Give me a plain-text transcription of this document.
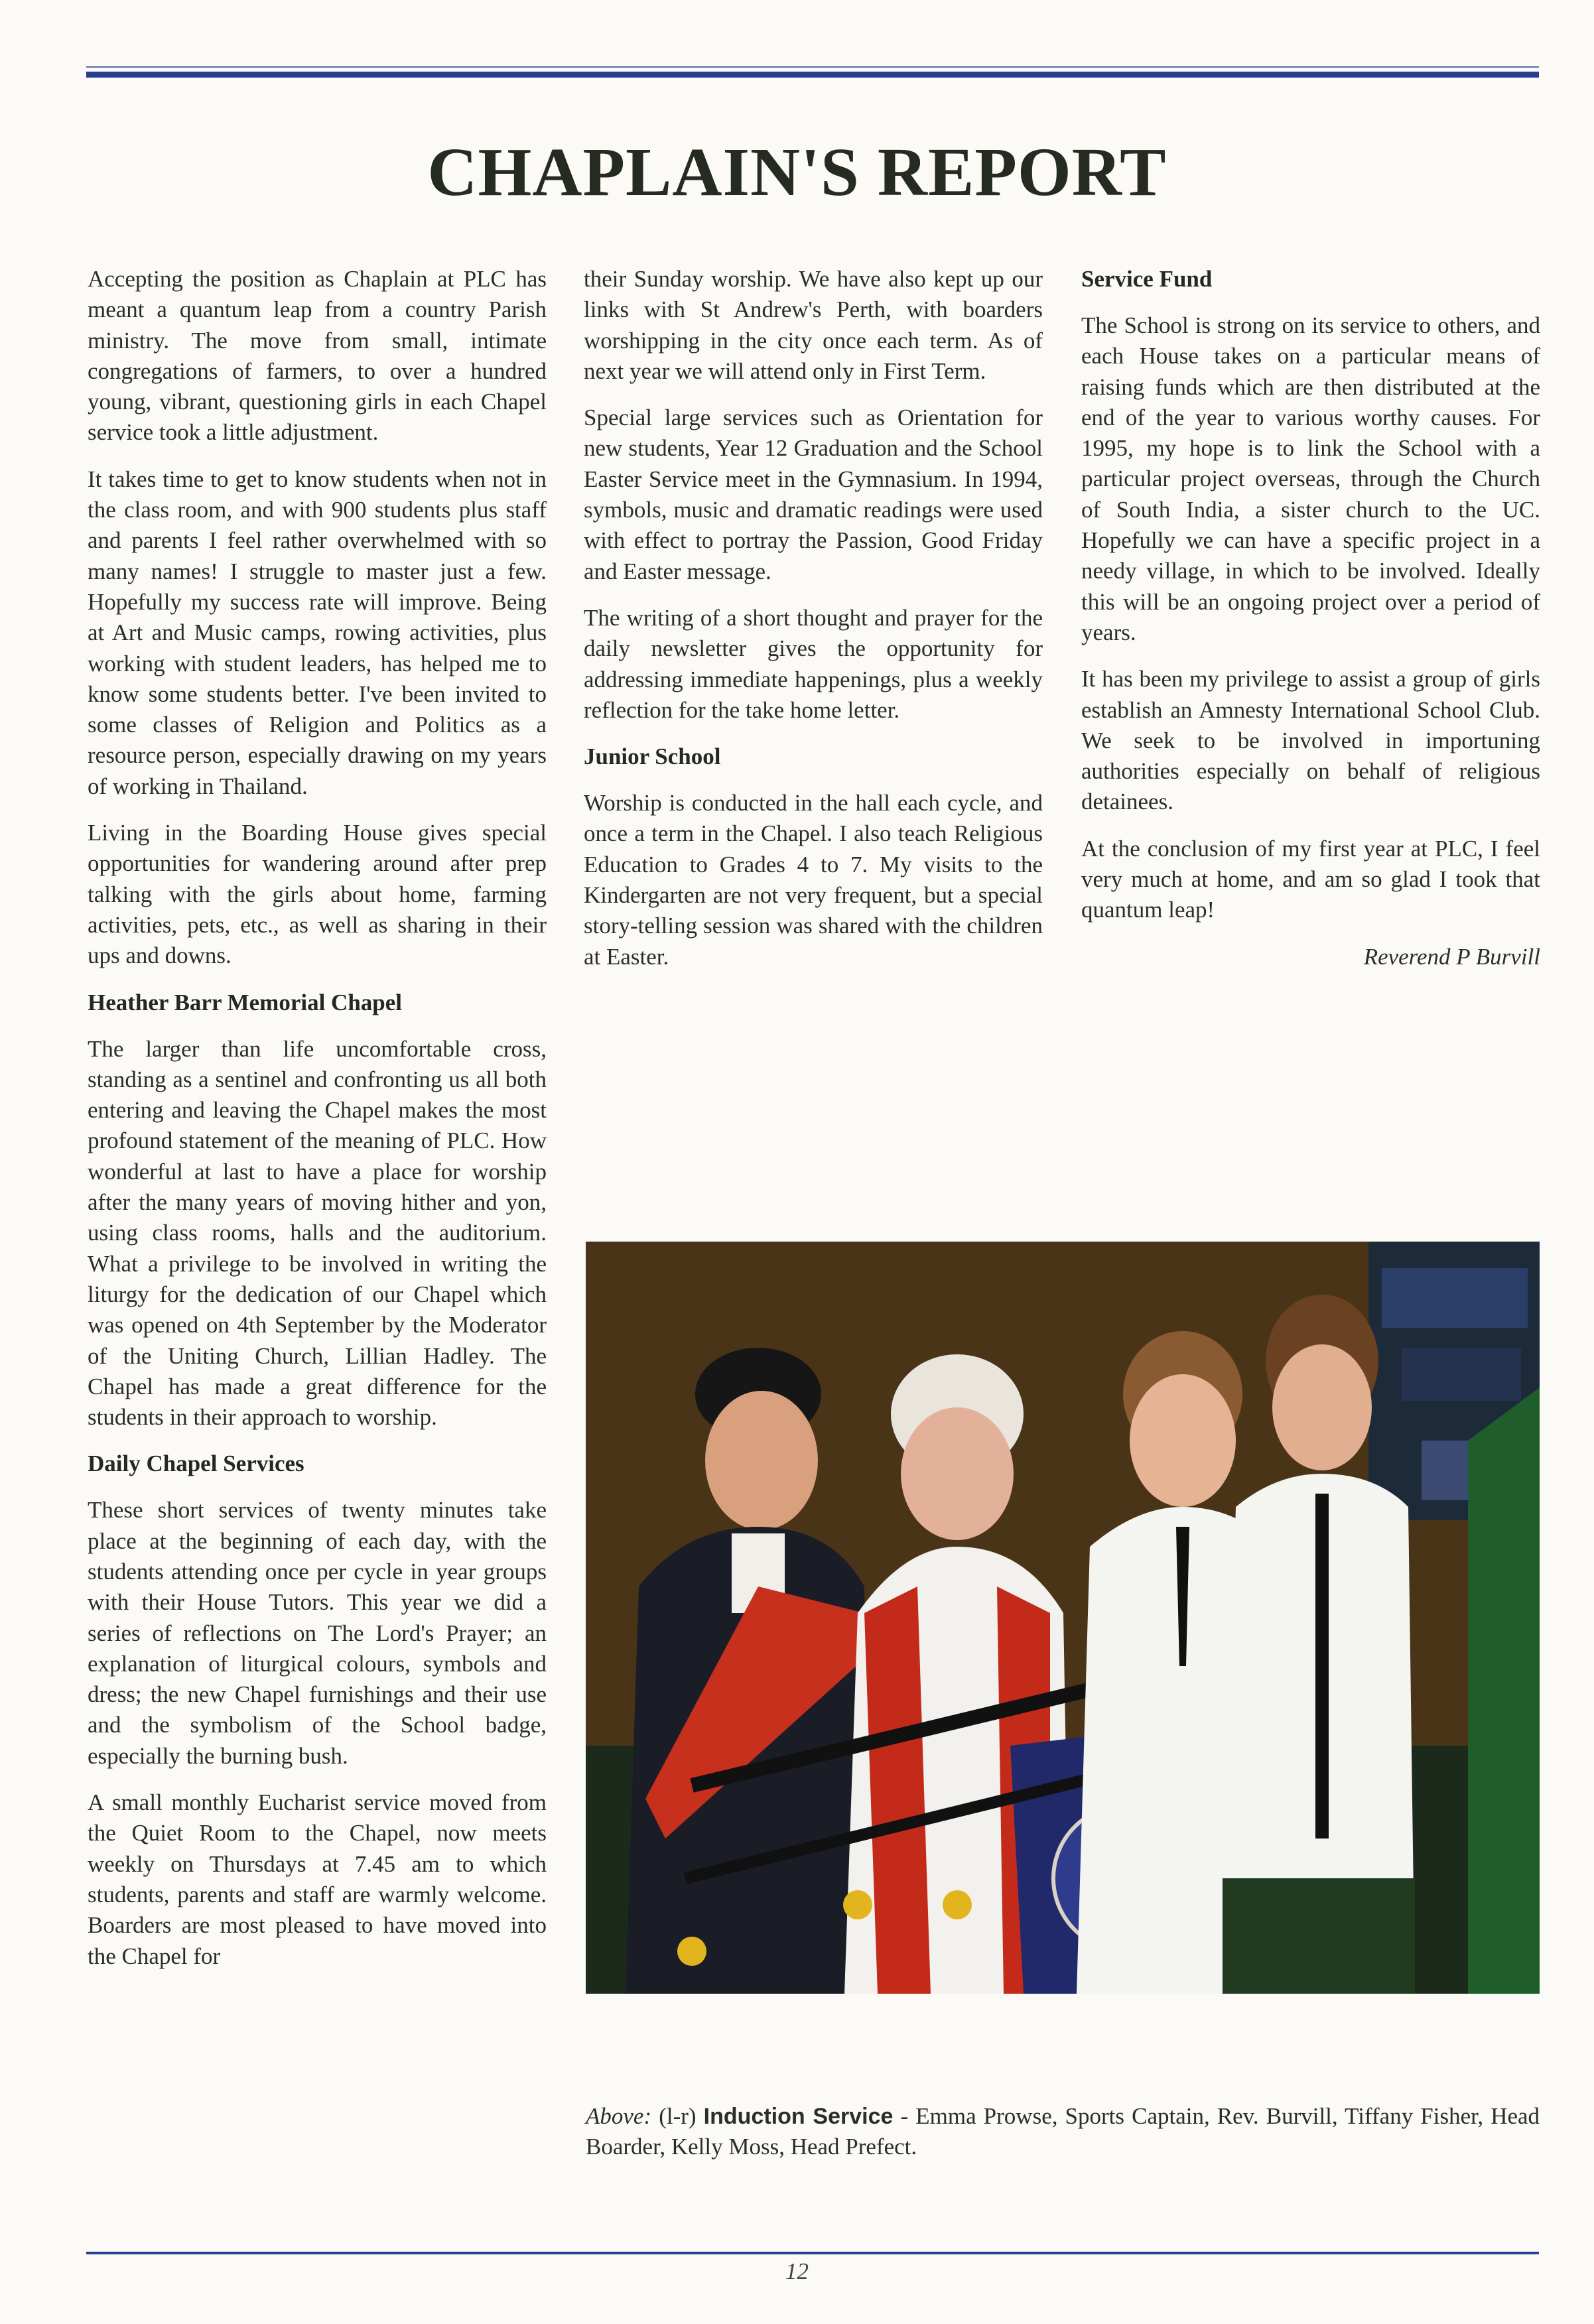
CHAPLAIN'S REPORT

Accepting the position as Chaplain at PLC has meant a quantum leap from a country Parish ministry. The move from small, intimate congregations of farmers, to over a hundred young, vibrant, questioning girls in each Chapel service took a little adjustment.

It takes time to get to know students when not in the class room, and with 900 students plus staff and parents I feel rather overwhelmed with so many names! I struggle to master just a few. Hopefully my success rate will improve. Being at Art and Music camps, rowing activities, plus working with student leaders, has helped me to know some students better. I've been invited to some classes of Religion and Politics as a resource person, especially drawing on my years of working in Thailand.

Living in the Boarding House gives special opportunities for wandering around after prep talking with the girls about home, farming activities, pets, etc., as well as sharing in their ups and downs.

Heather Barr Memorial Chapel

The larger than life uncomfortable cross, standing as a sentinel and confronting us all both entering and leaving the Chapel makes the most profound statement of the meaning of PLC. How wonderful at last to have a place for worship after the many years of moving hither and yon, using class rooms, halls and the auditorium. What a privilege to be involved in writing the liturgy for the dedication of our Chapel which was opened on 4th September by the Moderator of the Uniting Church, Lillian Hadley. The Chapel has made a great difference for the students in their approach to worship.

Daily Chapel Services

These short services of twenty minutes take place at the beginning of each day, with the students attending once per cycle in year groups with their House Tutors. This year we did a series of reflections on The Lord's Prayer; an explanation of liturgical colours, symbols and dress; the new Chapel furnishings and their use and the symbolism of the School badge, especially the burning bush.

A small monthly Eucharist service moved from the Quiet Room to the Chapel, now meets weekly on Thursdays at 7.45 am to which students, parents and staff are warmly welcome. Boarders are most pleased to have moved into the Chapel for

their Sunday worship. We have also kept up our links with St Andrew's Perth, with boarders worshipping in the city once each term. As of next year we will attend only in First Term.

Special large services such as Orientation for new students, Year 12 Graduation and the School Easter Service meet in the Gymnasium. In 1994, symbols, music and dramatic readings were used with effect to portray the Passion, Good Friday and Easter message.

The writing of a short thought and prayer for the daily newsletter gives the opportunity for addressing immediate happenings, plus a weekly reflection for the take home letter.

Junior School

Worship is conducted in the hall each cycle, and once a term in the Chapel. I also teach Religious Education to Grades 4 to 7. My visits to the Kindergarten are not very frequent, but a special story-telling session was shared with the children at Easter.

Service Fund

The School is strong on its service to others, and each House takes on a particular means of raising funds which are then distributed at the end of the year to various worthy causes. For 1995, my hope is to link the School with a particular project overseas, through the Church of South India, a sister church to the UC. Hopefully we can have a specific project in a needy village, in which to be involved. Ideally this will be an ongoing project over a period of years.

It has been my privilege to assist a group of girls establish an Amnesty International School Club. We seek to be involved in importuning authorities especially on behalf of religious detainees.

At the conclusion of my first year at PLC, I feel very much at home, and am so glad I took that quantum leap!

Reverend P Burvill

Above: (l-r) Induction Service - Emma Prowse, Sports Captain, Rev. Burvill, Tiffany Fisher, Head Boarder, Kelly Moss, Head Prefect.

12
